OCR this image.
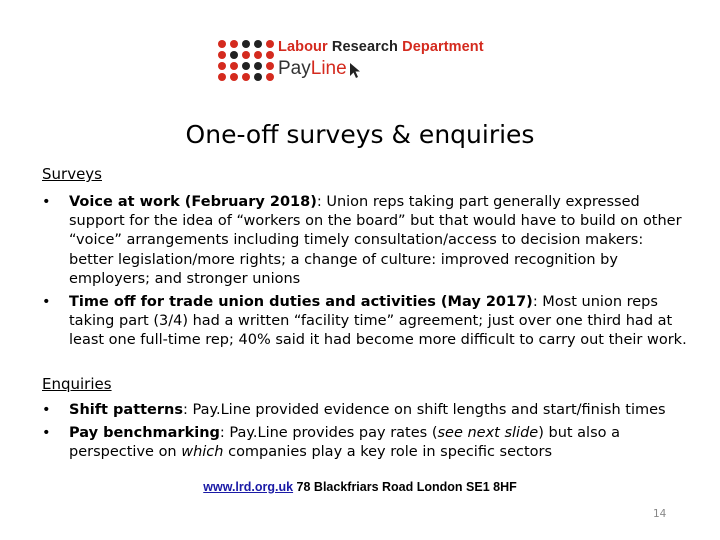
Labour Research Department
PayLine
One-off surveys & enquiries
Surveys
• Voice at work (February 2018): Union reps taking part generally expressed support for the idea of “workers on the board” but that would have to build on other “voice” arrangements including timely consultation/access to decision makers: better legislation/more rights; a change of culture: improved recognition by employers; and stronger unions
• Time off for trade union duties and activities (May 2017): Most union reps taking part (3/4) had a written “facility time” agreement; just over one third had at least one full-time rep; 40% said it had become more difficult to carry out their work.
Enquiries
• Shift patterns: Pay.Line provided evidence on shift lengths and start/finish times
• Pay benchmarking: Pay.Line provides pay rates (see next slide) but also a perspective on which companies play a key role in specific sectors
www.lrd.org.uk 78 Blackfriars Road London SE1 8HF
14
